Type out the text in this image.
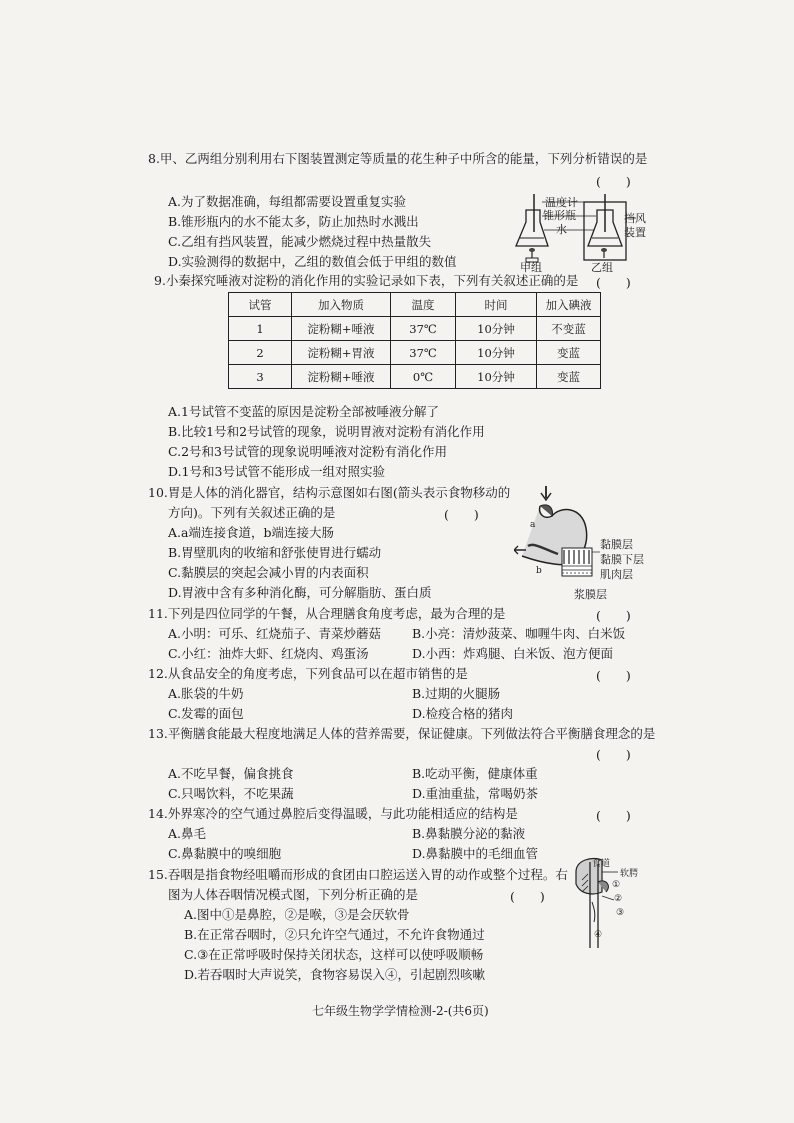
8.甲、乙两组分别利用右下图装置测定等质量的花生种子中所含的能量，下列分析错误的是
(　　)
A.为了数据准确，每组都需要设置重复实验
B.锥形瓶内的水不能太多，防止加热时水溅出
C.乙组有挡风装置，能减少燃烧过程中热量散失
D.实验测得的数据中，乙组的数值会低于甲组的数值
温度计
锥形瓶
水
挡风
装置
甲组	乙组
9.小秦探究唾液对淀粉的消化作用的实验记录如下表，下列有关叙述正确的是 (　　)
试管	加入物质	温度	时间	加入碘液
1	淀粉糊+唾液	37℃	10分钟	不变蓝
2	淀粉糊+胃液	37℃	10分钟	变蓝
3	淀粉糊+唾液	0℃	10分钟	变蓝
A.1号试管不变蓝的原因是淀粉全部被唾液分解了
B.比较1号和2号试管的现象，说明胃液对淀粉有消化作用
C.2号和3号试管的现象说明唾液对淀粉有消化作用
D.1号和3号试管不能形成一组对照实验
10.胃是人体的消化器官，结构示意图如右图(箭头表示食物移动的
方向)。下列有关叙述正确的是	(　　)
A.a端连接食道，b端连接大肠
B.胃壁肌肉的收缩和舒张使胃进行蠕动
C.黏膜层的突起会减小胃的内表面积
D.胃液中含有多种消化酶，可分解脂肪、蛋白质
a
b
黏膜层
黏膜下层
肌肉层
浆膜层
11.下列是四位同学的午餐，从合理膳食角度考虑，最为合理的是	(　　)
A.小明：可乐、红烧茄子、青菜炒蘑菇 B.小亮：清炒菠菜、咖喱牛肉、白米饭
C.小红：油炸大虾、红烧肉、鸡蛋汤	D.小西：炸鸡腿、白米饭、泡方便面
12.从食品安全的角度考虑，下列食品可以在超市销售的是	(　　)
A.胀袋的牛奶	B.过期的火腿肠
C.发霉的面包	D.检疫合格的猪肉
13.平衡膳食能最大程度地满足人体的营养需要，保证健康。下列做法符合平衡膳食理念的是
(　　)
A.不吃早餐，偏食挑食	B.吃动平衡，健康体重
C.只喝饮料，不吃果蔬	D.重油重盐，常喝奶茶
14.外界寒冷的空气通过鼻腔后变得温暖，与此功能相适应的结构是	(　　)
A.鼻毛	B.鼻黏膜分泌的黏液
C.鼻黏膜中的嗅细胞	D.鼻黏膜中的毛细血管
15.吞咽是指食物经咀嚼而形成的食团由口腔运送入胃的动作或整个过程。右
图为人体吞咽情况模式图，下列分析正确的是	(　　)
A.图中①是鼻腔，②是喉，③是会厌软骨
B.在正常吞咽时，②只允许空气通过，不允许食物通过
C.③在正常呼吸时保持关闭状态，这样可以使呼吸顺畅
D.若吞咽时大声说笑，食物容易误入④，引起剧烈咳嗽
食道
软腭
①
②
③
④
七年级生物学学情检测-2-(共6页)
